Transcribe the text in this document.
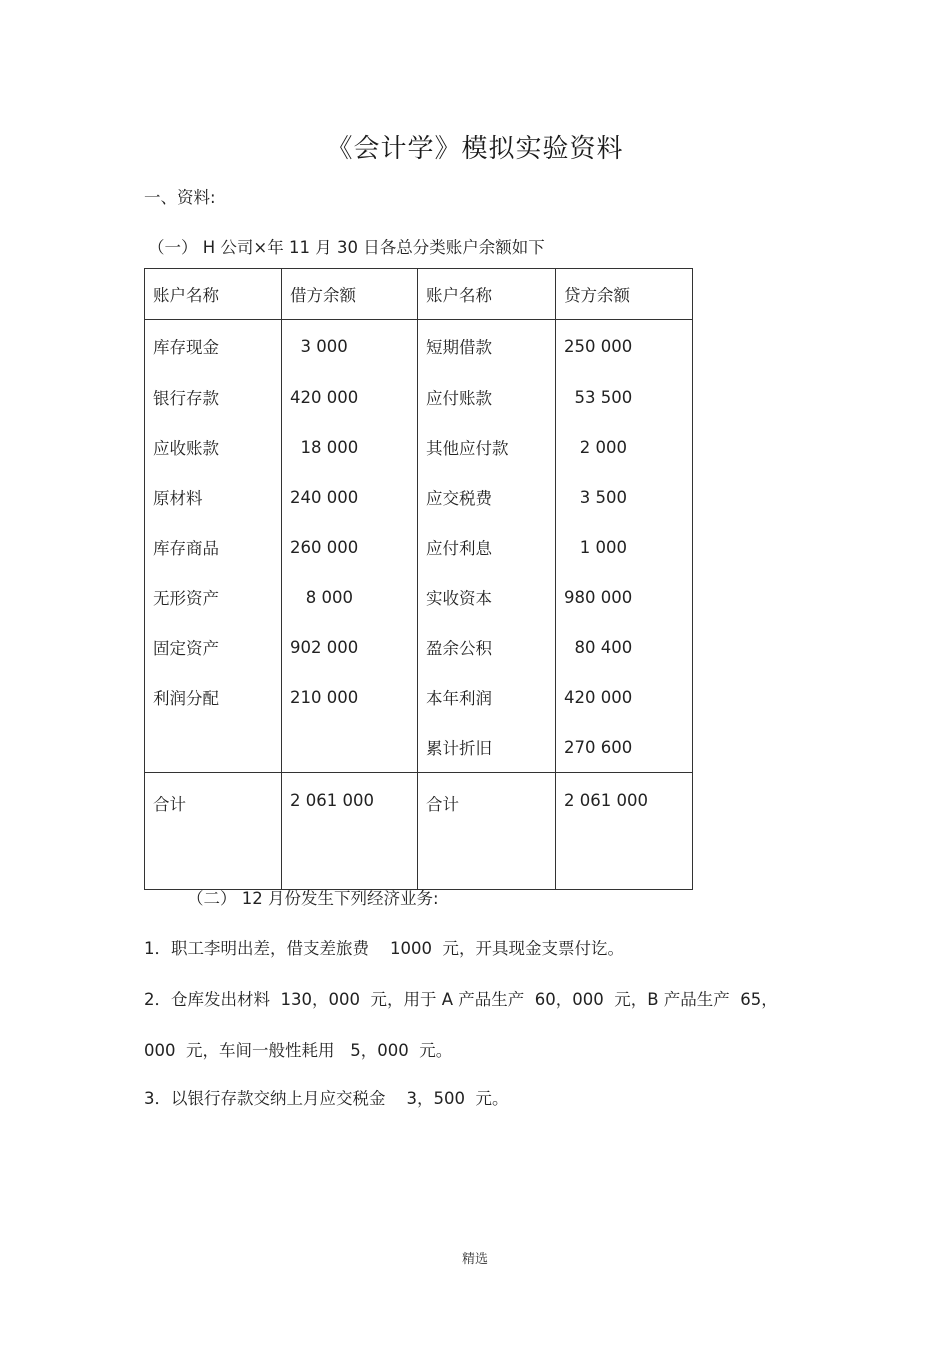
《会计学》模拟实验资料
一、资料:
（一） H 公司×年 11 月 30 日各总分类账户余额如下
账户名称	借方余额	账户名称	贷方余额
库存现金	3 000	短期借款	250 000
银行存款	420 000	应付账款	53 500
应收账款	18 000	其他应付款	2 000
原材料	240 000	应交税费	3 500
库存商品	260 000	应付利息	1 000
无形资产	8 000	实收资本	980 000
固定资产	902 000	盈余公积	80 400
利润分配	210 000	本年利润	420 000
		累计折旧	270 600
合计	2 061 000	合计	2 061 000
（二） 12 月份发生下列经济业务:
1．职工李明出差，借支差旅费    1000  元，开具现金支票付讫。
2．仓库发出材料  130，000  元，用于 A 产品生产  60，000  元，B 产品生产  65，
000  元，车间一般性耗用   5，000  元。
3．以银行存款交纳上月应交税金    3，500  元。
精选
